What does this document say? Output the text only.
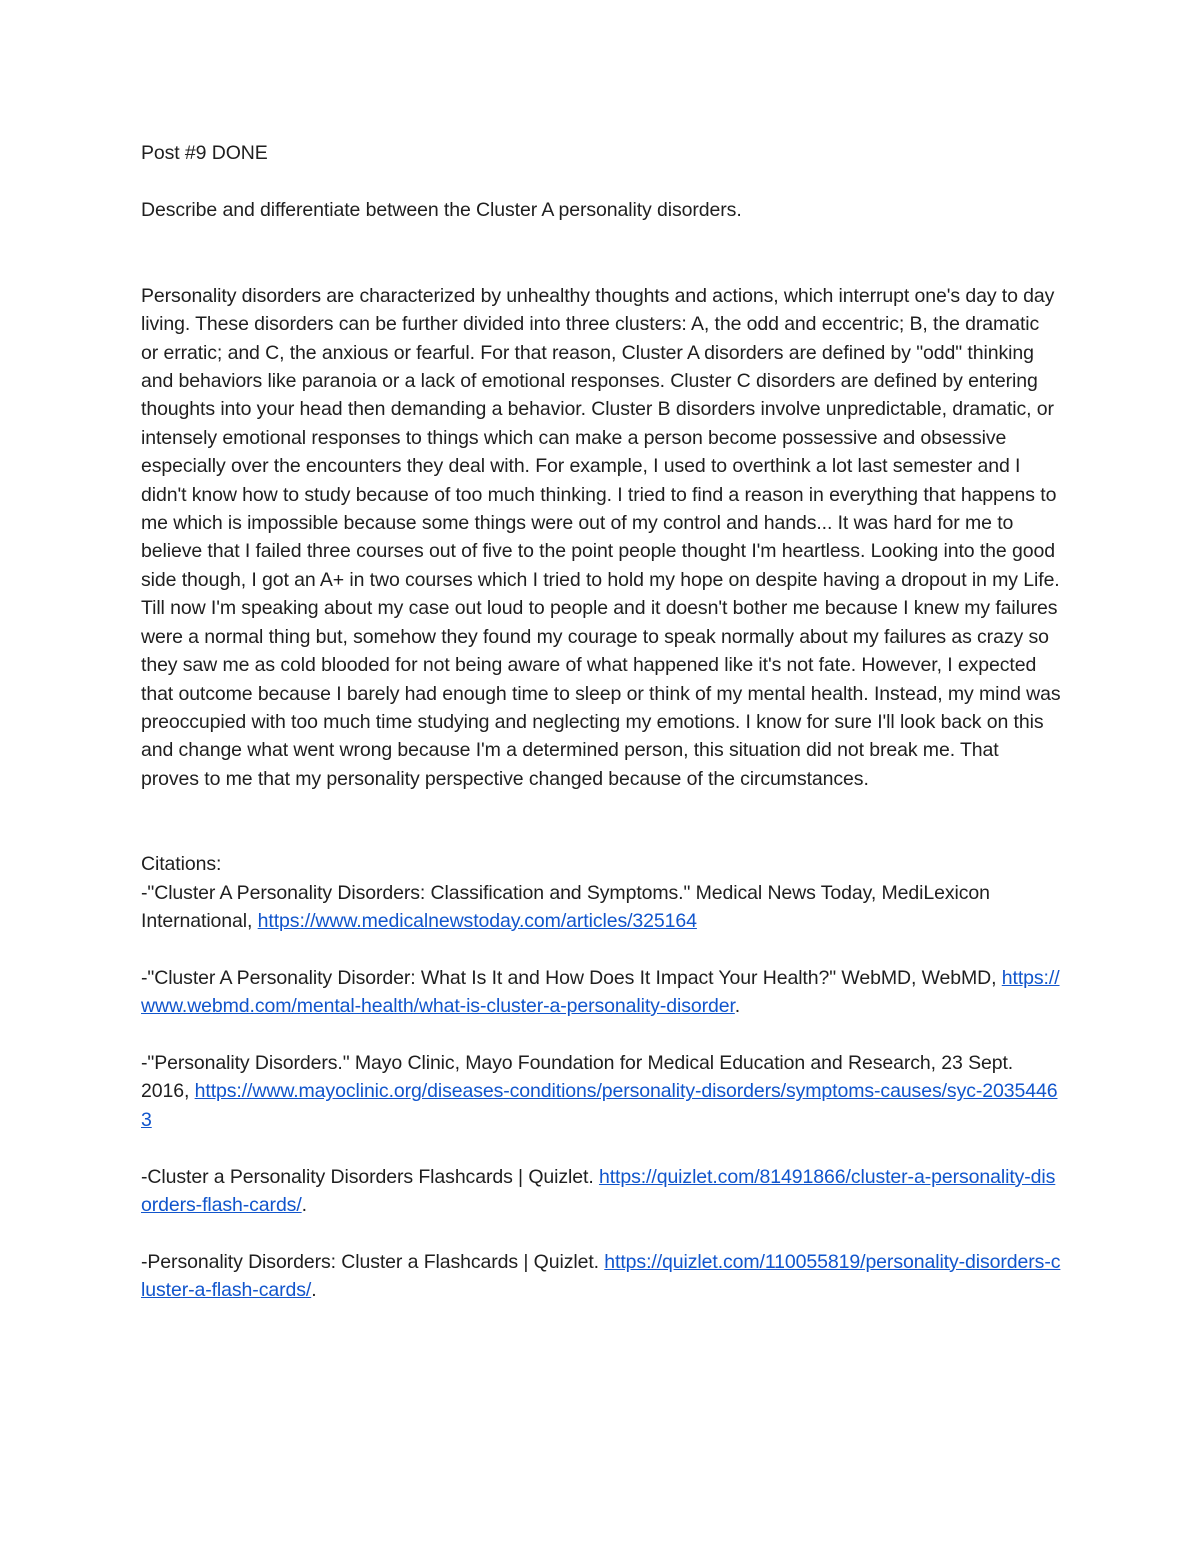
Post #9 DONE

Describe and differentiate between the Cluster A personality disorders.

Personality disorders are characterized by unhealthy thoughts and actions, which interrupt one's day to day living. These disorders can be further divided into three clusters: A, the odd and eccentric; B, the dramatic or erratic; and C, the anxious or fearful. For that reason, Cluster A disorders are defined by "odd" thinking and behaviors like paranoia or a lack of emotional responses. Cluster C disorders are defined by entering thoughts into your head then demanding a behavior. Cluster B disorders involve unpredictable, dramatic, or intensely emotional responses to things which can make a person become possessive and obsessive especially over the encounters they deal with. For example, I used to overthink a lot last semester and I didn't know how to study because of too much thinking. I tried to find a reason in everything that happens to me which is impossible because some things were out of my control and hands... It was hard for me to believe that I failed three courses out of five to the point people thought I'm heartless. Looking into the good side though, I got an A+ in two courses which I tried to hold my hope on despite having a dropout in my Life. Till now I'm speaking about my case out loud to people and it doesn't bother me because I knew my failures were a normal thing but, somehow they found my courage to speak normally about my failures as crazy so they saw me as cold blooded for not being aware of what happened like it's not fate. However, I expected that outcome because I barely had enough time to sleep or think of my mental health. Instead, my mind was preoccupied with too much time studying and neglecting my emotions. I know for sure I'll look back on this and change what went wrong because I'm a determined person, this situation did not break me. That proves to me that my personality perspective changed because of the circumstances.

Citations:

-"Cluster A Personality Disorders: Classification and Symptoms." Medical News Today, MediLexicon International, https://www.medicalnewstoday.com/articles/325164

-"Cluster A Personality Disorder: What Is It and How Does It Impact Your Health?" WebMD, WebMD, https://www.webmd.com/mental-health/what-is-cluster-a-personality-disorder.

-"Personality Disorders." Mayo Clinic, Mayo Foundation for Medical Education and Research, 23 Sept. 2016, https://www.mayoclinic.org/diseases-conditions/personality-disorders/symptoms-causes/syc-20354463

-Cluster a Personality Disorders Flashcards | Quizlet. https://quizlet.com/81491866/cluster-a-personality-disorders-flash-cards/.

-Personality Disorders: Cluster a Flashcards | Quizlet. https://quizlet.com/110055819/personality-disorders-cluster-a-flash-cards/.
